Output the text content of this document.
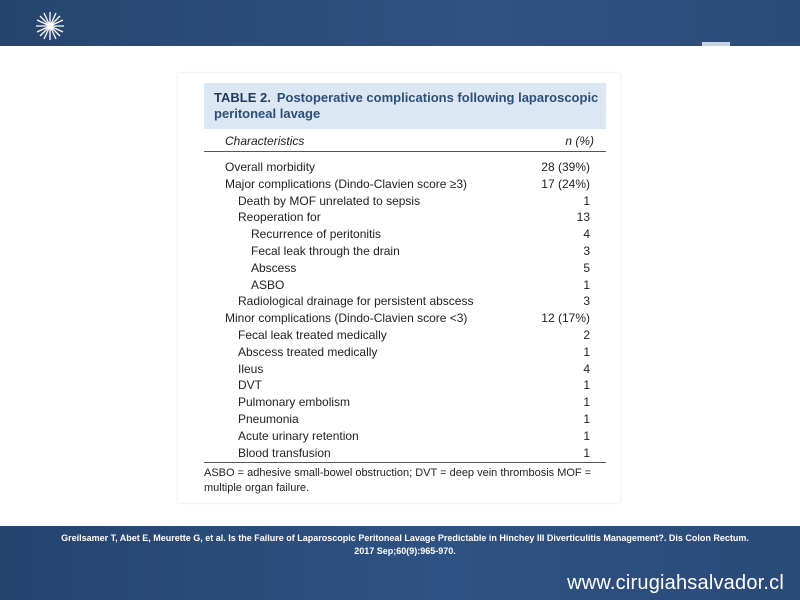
TABLE 2. Postoperative complications following laparoscopic peritoneal lavage
Characteristics	n (%)
Overall morbidity	28 (39%)
Major complications (Dindo-Clavien score ≥3)	17 (24%)
Death by MOF unrelated to sepsis	1
Reoperation for	13
Recurrence of peritonitis	4
Fecal leak through the drain	3
Abscess	5
ASBO	1
Radiological drainage for persistent abscess	3
Minor complications (Dindo-Clavien score <3)	12 (17%)
Fecal leak treated medically	2
Abscess treated medically	1
Ileus	4
DVT	1
Pulmonary embolism	1
Pneumonia	1
Acute urinary retention	1
Blood transfusion	1
ASBO = adhesive small-bowel obstruction; DVT = deep vein thrombosis MOF = multiple organ failure.
Greilsamer T, Abet E, Meurette G, et al. Is the Failure of Laparoscopic Peritoneal Lavage Predictable in Hinchey III Diverticulitis Management?. Dis Colon Rectum. 2017 Sep;60(9):965-970.
www.cirugiahsalvador.cl
